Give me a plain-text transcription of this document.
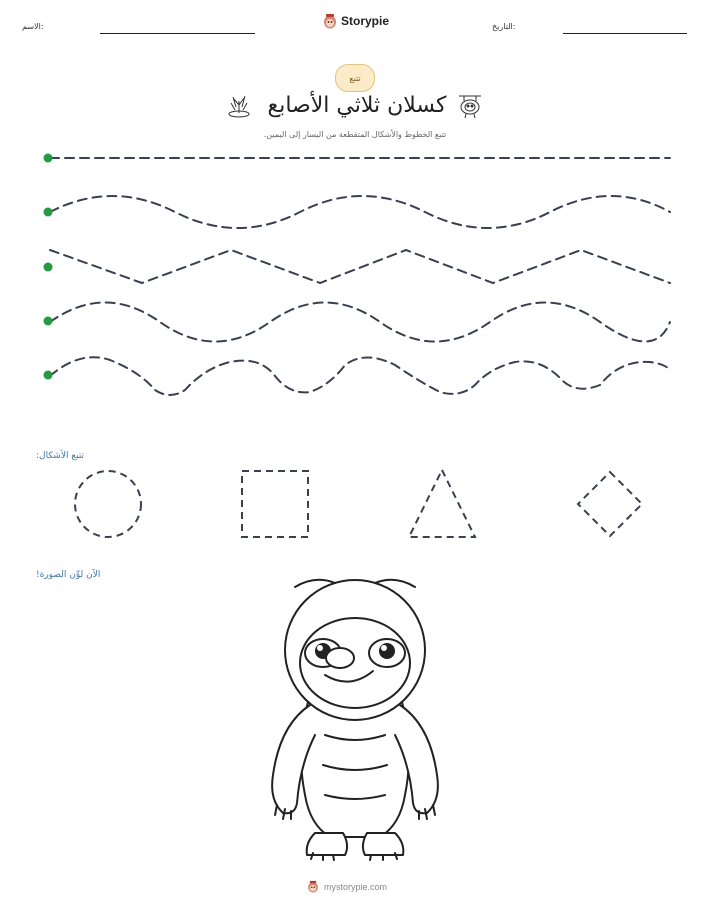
الاسم:	Storypie	التاريخ:
تتبع
كسلان ثلاثي الأصابع
تتبع الخطوط والأشكال المتقطعة من اليسار إلى اليمين.
تتبع الأشكال:
الآن لوِّن الصورة!
mystorypie.com
